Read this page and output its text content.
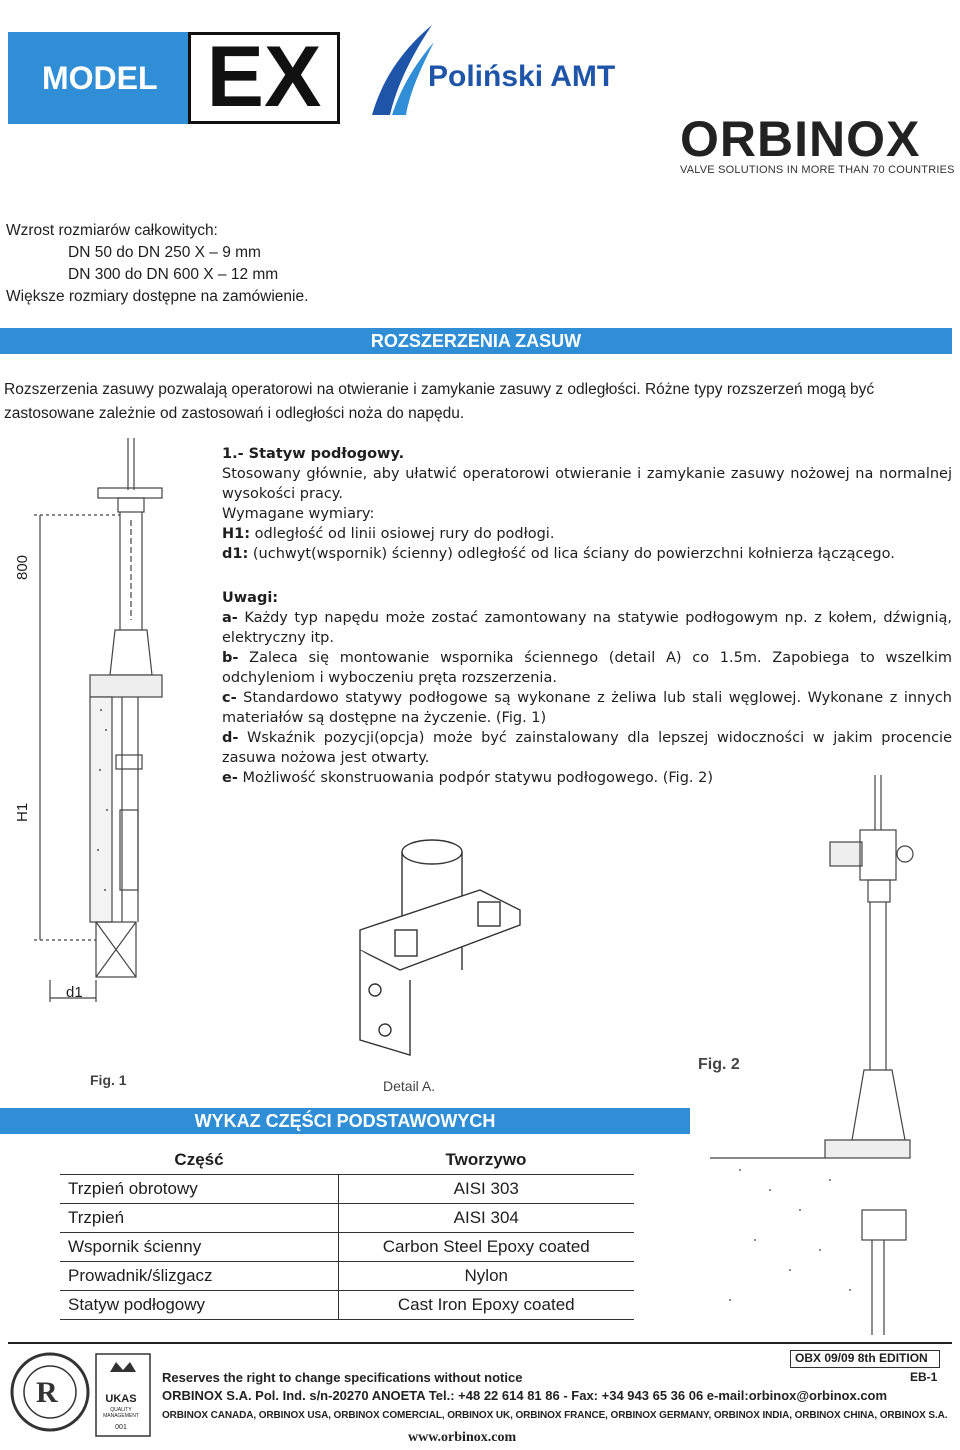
MODEL EX	Poliński AMT
ORBINOX
VALVE SOLUTIONS IN MORE THAN 70 COUNTRIES
Wzrost rozmiarów całkowitych:
DN 50 do DN 250 X – 9 mm
DN 300 do DN 600 X – 12 mm
Większe rozmiary dostępne na zamówienie.
ROZSZERZENIA ZASUW
Rozszerzenia zasuwy pozwalają operatorowi na otwieranie i zamykanie zasuwy z odległości. Różne typy rozszerzeń mogą być zastosowane zależnie od zastosowań i odległości noża do napędu.

1.- Statyw podłogowy.

Stosowany głównie, aby ułatwić operatorowi otwieranie i zamykanie zasuwy nożowej na normalnej wysokości pracy.

Wymagane wymiary:

H1: odległość od linii osiowej rury do podłogi.

d1: (uchwyt(wspornik) ścienny) odległość od lica ściany do powierzchni kołnierza łączącego.

Uwagi:

a- Każdy typ napędu może zostać zamontowany na statywie podłogowym np. z kołem, dźwignią, elektryczny itp.

b- Zaleca się montowanie wspornika ściennego (detail A) co 1.5m. Zapobiega to wszelkim odchyleniom i wyboczeniu pręta rozszerzenia.

c- Standardowo statywy podłogowe są wykonane z żeliwa lub stali węglowej. Wykonane z innych materiałów są dostępne na życzenie. (Fig. 1)

d- Wskaźnik pozycji(opcja) może być zainstalowany dla lepszej widoczności w jakim procencie zasuwa nożowa jest otwarty.

e- Możliwość skonstruowania podpór statywu podłogowego. (Fig. 2)

800
H1
d1
Fig. 1	Detail A.
Fig. 2
WYKAZ CZĘŚCI PODSTAWOWYCH
Część	Tworzywo
Trzpień obrotowy	AISI 303
Trzpień	AISI 304
Wspornik ścienny	Carbon Steel Epoxy coated
Prowadnik/ślizgacz	Nylon
Statyw podłogowy	Cast Iron Epoxy coated
R	UKAS
QUALITY MANAGEMENT
001
Reserves the right to change specifications without notice
ORBINOX S.A. Pol. Ind. s/n-20270 ANOETA Tel.: +48 22 614 81 86 - Fax: +34 943 65 36 06 e-mail:orbinox@orbinox.com
ORBINOX CANADA, ORBINOX USA, ORBINOX COMERCIAL, ORBINOX UK, ORBINOX FRANCE, ORBINOX GERMANY, ORBINOX INDIA, ORBINOX CHINA, ORBINOX S.A.
www.orbinox.com
OBX 09/09 8th EDITION
EB-1
